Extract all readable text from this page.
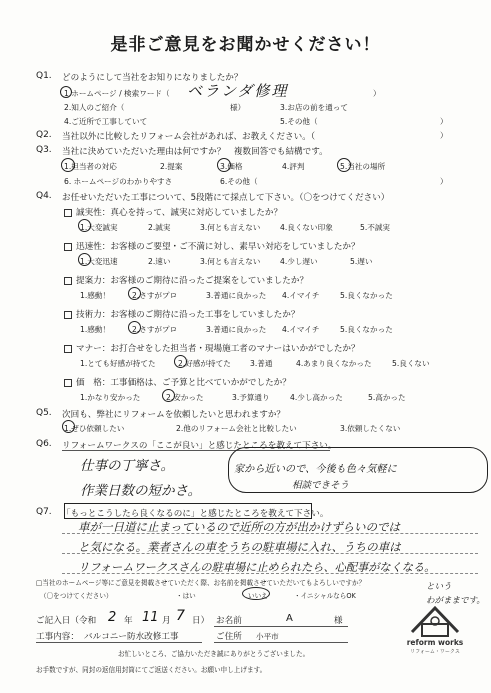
是非ご意見をお聞かせください！
Q1. どのようにして当社をお知りになりましたか？
1.ホームページ / 検索ワード（ ベランダ修理	）
2.知人のご紹介（	様）	3.お店の前を通って
4.ご近所で工事していて	5.その他（	）
Q2. 当社以外に比較したリフォーム会社があれば、お教えください。（	）
Q3. 当社に決めていただいた理由は何ですか？　複数回答でも結構です。
1.担当者の対応	2.提案	3.価格	4.評判	5.当社の場所
6. ホームページのわかりやすさ	6.その他（	）
Q4. お任せいただいた工事について、5段階にて採点して下さい。（〇をつけてください）
誠実性：真心を持って、誠実に対応していましたか？
1.大変誠実	2.誠実	3.何とも言えない	4.良くない印象	5.不誠実
迅速性：お客様のご要望・ご不満に対し、素早い対応をしていましたか？
1.大変迅速	2.速い	3.何とも言えない	4.少し遅い	5.遅い
提案力：お客様のご期待に沿ったご提案をしていましたか？
1.感動！	2.さすがプロ	3.普通に良かった 4.イマイチ	5.良くなかった
技術力：お客様のご期待に沿った工事をしていましたか？
1.感動！	2.さすがプロ	3.普通に良かった 4.イマイチ	5.良くなかった
マナー：お打合せをした担当者・現場施工者のマナーはいかがでしたか？
1.とても好感が持てた	2.好感が持てた	3.普通	4.あまり良くなかった	5.良くない
価　格：工事価格は、ご予算と比べていかがでしたか？
1.かなり安かった	2.安かった	3.予算通り	4.少し高かった	5.高かった
Q5. 次回も、弊社にリフォームを依頼したいと思われますか？
1.ぜひ依頼したい	2.他のリフォーム会社と比較したい	3.依頼したくない
Q6. リフォームワークスの「ここが良い」と感じたところを教えて下さい。
仕事の丁寧さ。
作業日数の短かさ。
家から近いので、今後も色々気軽に
相談できそう
Q7. 「もっとこうしたら良くなるのに」と感じたところを教えて下さい。
車が一日道に止まっているので近所の方が出かけずらいのでは
と気になる。業者さんの車をうちの駐車場に入れ、うちの車は
リフォームワークスさんの駐車場に止められたら、心配事がなくなる。
□当社のホームページ等にご意見を掲載させていただく際、お名前を掲載させていただいてもよろしいですか？
（〇をつけてください）	・はい	いいえ	・イニシャルならOK
という
わがままです。
ご記入日（令和 2 年 11 月 7 日） お名前	A	様
工事内容： バルコニー防水改修工事	ご住所 小平市
お忙しいところ、ご協力いただき誠にありがとうございました。
お手数ですが、同封の返信用封筒にてご返送ください。お願い申し上げます。
reform works
リフォーム・ワークス
